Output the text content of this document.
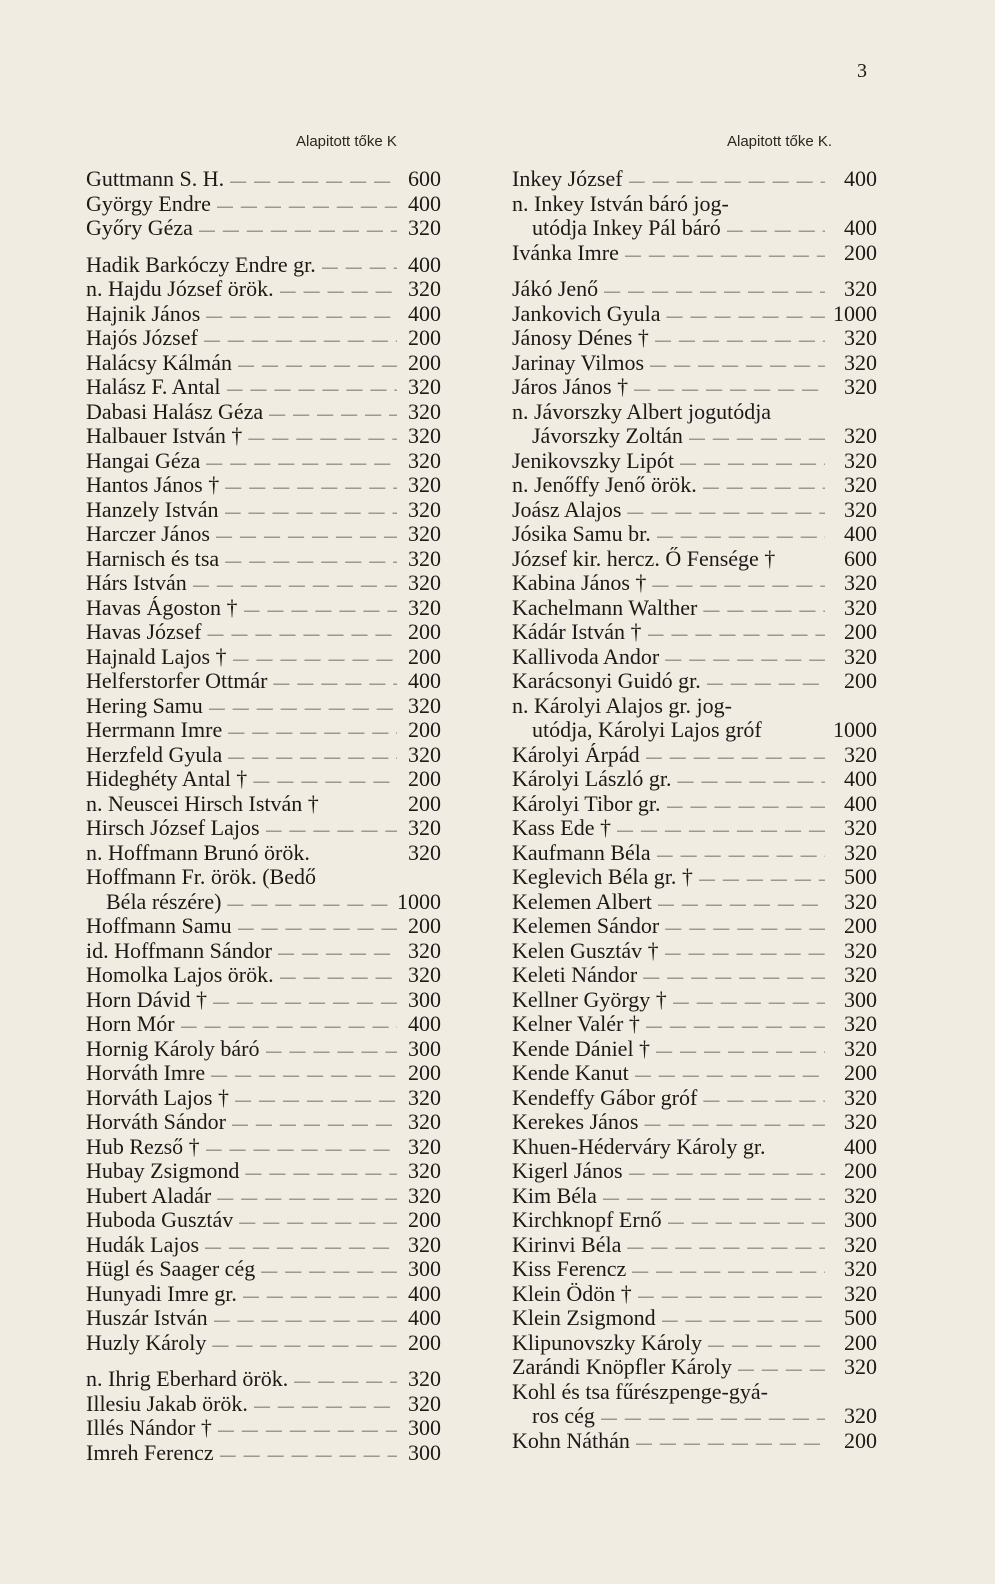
3
Alapitott tőke K	Alapitott tőke K.
Guttmann S. H. — — —	600
György Endre — — —	400
Győry Géza — — —	320
Hadik Barkóczy Endre gr. — — —	400
n. Hajdu József örök. — — —	320
Hajnik János — — —	400
Hajós József — — —	200
Halácsy Kálmán — — —	200
Halász F. Antal — — —	320
Dabasi Halász Géza — — —	320
Halbauer István † — — —	320
Hangai Géza — — —	320
Hantos János † — — —	320
Hanzely István — — —	320
Harczer János — — —	320
Harnisch és tsa — — —	320
Hárs István — — —	320
Havas Ágoston † — — —	320
Havas József — — —	200
Hajnald Lajos † — — —	200
Helferstorfer Ottmár — — —	400
Hering Samu — — —	320
Herrmann Imre — — —	200
Herzfeld Gyula — — —	320
Hideghéty Antal † — — —	200
n. Neuscei Hirsch István †	200
Hirsch József Lajos — — —	320
n. Hoffmann Brunó örök.	320
Hoffmann Fr. örök. (Bedő
Béla részére) — — —	1000
Hoffmann Samu — — —	200
id. Hoffmann Sándor — — —	320
Homolka Lajos örök. — — —	320
Horn Dávid † — — —	300
Horn Mór — — —	400
Hornig Károly báró — — —	300
Horváth Imre — — —	200
Horváth Lajos † — — —	320
Horváth Sándor — — —	320
Hub Rezső † — — —	320
Hubay Zsigmond — — —	320
Hubert Aladár — — —	320
Huboda Gusztáv — — —	200
Hudák Lajos — — —	320
Hügl és Saager cég — — —	300
Hunyadi Imre gr. — — —	400
Huszár István — — —	400
Huzly Károly — — —	200
n. Ihrig Eberhard örök. — — —	320
Illesiu Jakab örök. — — —	320
Illés Nándor † — — —	300
Imreh Ferencz — — —	300
Inkey József — — —	400
n. Inkey István báró jog-
utódja Inkey Pál báró — — —	400
Ivánka Imre — — —	200
Jákó Jenő — — —	320
Jankovich Gyula — — —	1000
Jánosy Dénes † — — —	320
Jarinay Vilmos — — —	320
Járos János † — — —	320
n. Jávorszky Albert jogutódja
Jávorszky Zoltán — — —	320
Jenikovszky Lipót — — —	320
n. Jenőffy Jenő örök. — — —	320
Joász Alajos — — —	320
Jósika Samu br. — — —	400
József kir. hercz. Ő Fensége †	600
Kabina János † — — —	320
Kachelmann Walther — — —	320
Kádár István † — — —	200
Kallivoda Andor — — —	320
Karácsonyi Guidó gr. — — —	200
n. Károlyi Alajos gr. jog-
utódja, Károlyi Lajos gróf	1000
Károlyi Árpád — — —	320
Károlyi László gr. — — —	400
Károlyi Tibor gr. — — —	400
Kass Ede † — — —	320
Kaufmann Béla — — —	320
Keglevich Béla gr. † — — —	500
Kelemen Albert — — —	320
Kelemen Sándor — — —	200
Kelen Gusztáv † — — —	320
Keleti Nándor — — —	320
Kellner György † — — —	300
Kelner Valér † — — —	320
Kende Dániel † — — —	320
Kende Kanut — — —	200
Kendeffy Gábor gróf — — —	320
Kerekes János — — —	320
Khuen-Héderváry Károly gr.	400
Kigerl János — — —	200
Kim Béla — — —	320
Kirchknopf Ernő — — —	300
Kirinvi Béla — — —	320
Kiss Ferencz — — —	320
Klein Ödön † — — —	320
Klein Zsigmond — — —	500
Klipunovszky Károly — — —	200
Zarándi Knöpfler Károly — — —	320
Kohl és tsa fűrészpenge-gyá-
ros cég — — —	320
Kohn Náthán — — —	200
